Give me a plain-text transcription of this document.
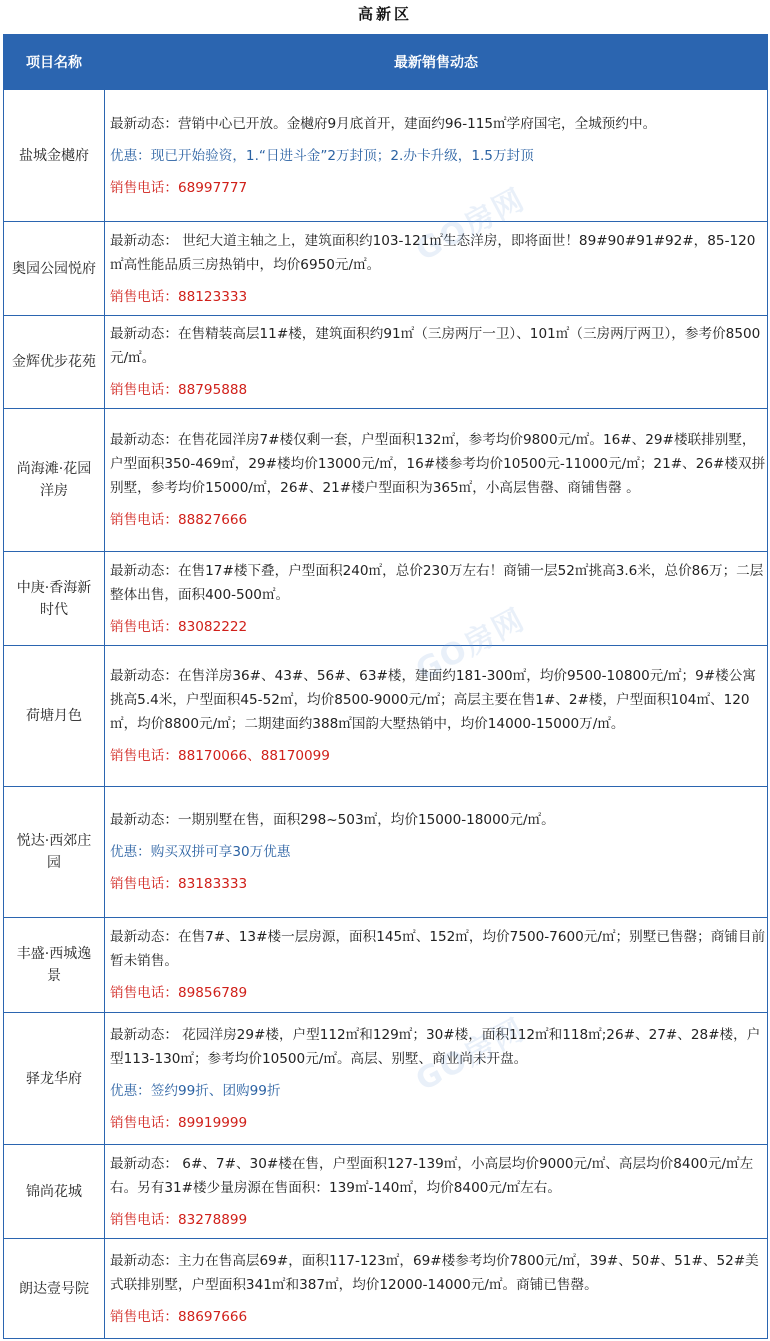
高新区
项目名称	最新销售动态
盐城金樾府	最新动态：营销中心已开放。金樾府9月底首开，建面约96-115㎡学府国宅，全城预约中。

优惠：现已开始验资，1.“日进斗金”2万封顶；2.办卡升级，1.5万封顶

销售电话：68997777

奥园公园悦府	最新动态： 世纪大道主轴之上，建筑面积约103-121㎡生态洋房，即将面世！89#90#91#92#，85-120㎡高性能品质三房热销中，均价6950元/㎡。

销售电话：88123333

金辉优步花苑	最新动态：在售精装高层11#楼，建筑面积约91㎡（三房两厅一卫）、101㎡（三房两厅两卫），参考价8500元/㎡。

销售电话：88795888

尚海滩·花园洋房	最新动态：在售花园洋房7#楼仅剩一套，户型面积132㎡，参考均价9800元/㎡。16#、29#楼联排别墅，户型面积350-469㎡，29#楼均价13000元/㎡，16#楼参考均价10500元-11000元/㎡；21#、26#楼双拼别墅，参考均价15000/㎡，26#、21#楼户型面积为365㎡，小高层售罄、商铺售罄 。

销售电话：88827666

中庚·香海新时代	最新动态：在售17#楼下叠，户型面积240㎡，总价230万左右！商铺一层52㎡挑高3.6米，总价86万；二层整体出售，面积400-500㎡。

销售电话：83082222

荷塘月色	最新动态：在售洋房36#、43#、56#、63#楼，建面约181-300㎡，均价9500-10800元/㎡；9#楼公寓挑高5.4米，户型面积45-52㎡，均价8500-9000元/㎡；高层主要在售1#、2#楼，户型面积104㎡、120㎡，均价8800元/㎡；二期建面约388㎡国韵大墅热销中，均价14000-15000万/㎡。

销售电话：88170066、88170099

悦达·西郊庄园	最新动态：一期别墅在售，面积298~503㎡，均价15000-18000元/㎡。

优惠：购买双拼可享30万优惠

销售电话：83183333

丰盛·西城逸景	最新动态：在售7#、13#楼一层房源，面积145㎡、152㎡，均价7500-7600元/㎡；别墅已售罄；商铺目前暂未销售。

销售电话：89856789

驿龙华府	最新动态： 花园洋房29#楼，户型112㎡和129㎡；30#楼，面积112㎡和118㎡;26#、27#、28#楼，户型113-130㎡；参考均价10500元/㎡。高层、别墅、商业尚未开盘。

优惠：签约99折、团购99折

销售电话：89919999

锦尚花城	最新动态： 6#、7#、30#楼在售，户型面积127-139㎡，小高层均价9000元/㎡、高层均价8400元/㎡左右。另有31#楼少量房源在售面积：139㎡-140㎡，均价8400元/㎡左右。

销售电话：83278899

朗达壹号院	最新动态：主力在售高层69#，面积117-123㎡，69#楼参考均价7800元/㎡，39#、50#、51#、52#美式联排别墅，户型面积341㎡和387㎡，均价12000-14000元/㎡。商铺已售罄。

销售电话：88697666

GO房网
GO房网
GO房网
